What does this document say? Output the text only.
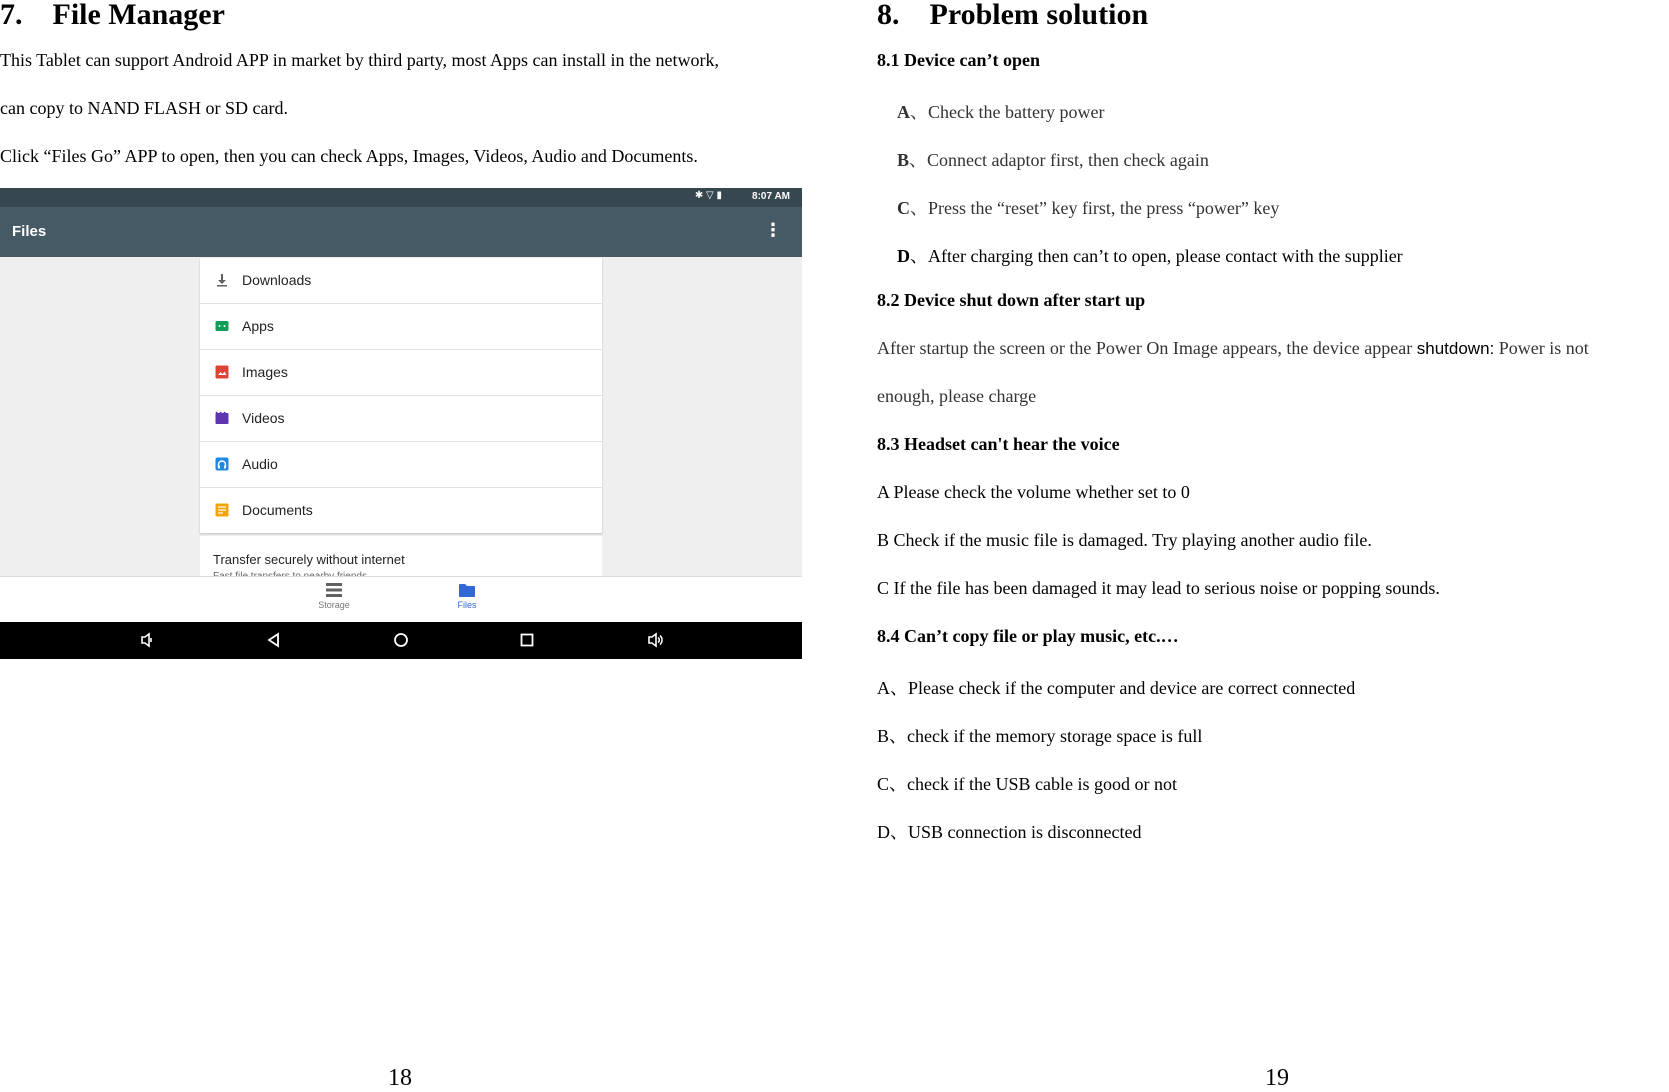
7. File Manager
This Tablet can support Android APP in market by third party, most Apps can install in the network,
can copy to NAND FLASH or SD card.
Click “Files Go” APP to open, then you can check Apps, Images, Videos, Audio and Documents.
✱ ▽ ▮	8:07 AM
Files	⋮
Downloads
Apps
Images
Videos
Audio
Documents
Transfer securely without internet
Storage	Files
18
8. Problem solution
8.1 Device can’t open
A、Check the battery power
B、Connect adaptor first, then check again
C、Press the “reset” key first, the press “power” key
D、After charging then can’t to open, please contact with the supplier
8.2 Device shut down after start up
After startup the screen or the Power On Image appears, the device appear shutdown: Power is not
enough, please charge
8.3 Headset can't hear the voice
A Please check the volume whether set to 0
B Check if the music file is damaged. Try playing another audio file.
C If the file has been damaged it may lead to serious noise or popping sounds.
8.4 Can’t copy file or play music, etc.…
A、Please check if the computer and device are correct connected
B、check if the memory storage space is full
C、check if the USB cable is good or not
D、USB connection is disconnected
19
